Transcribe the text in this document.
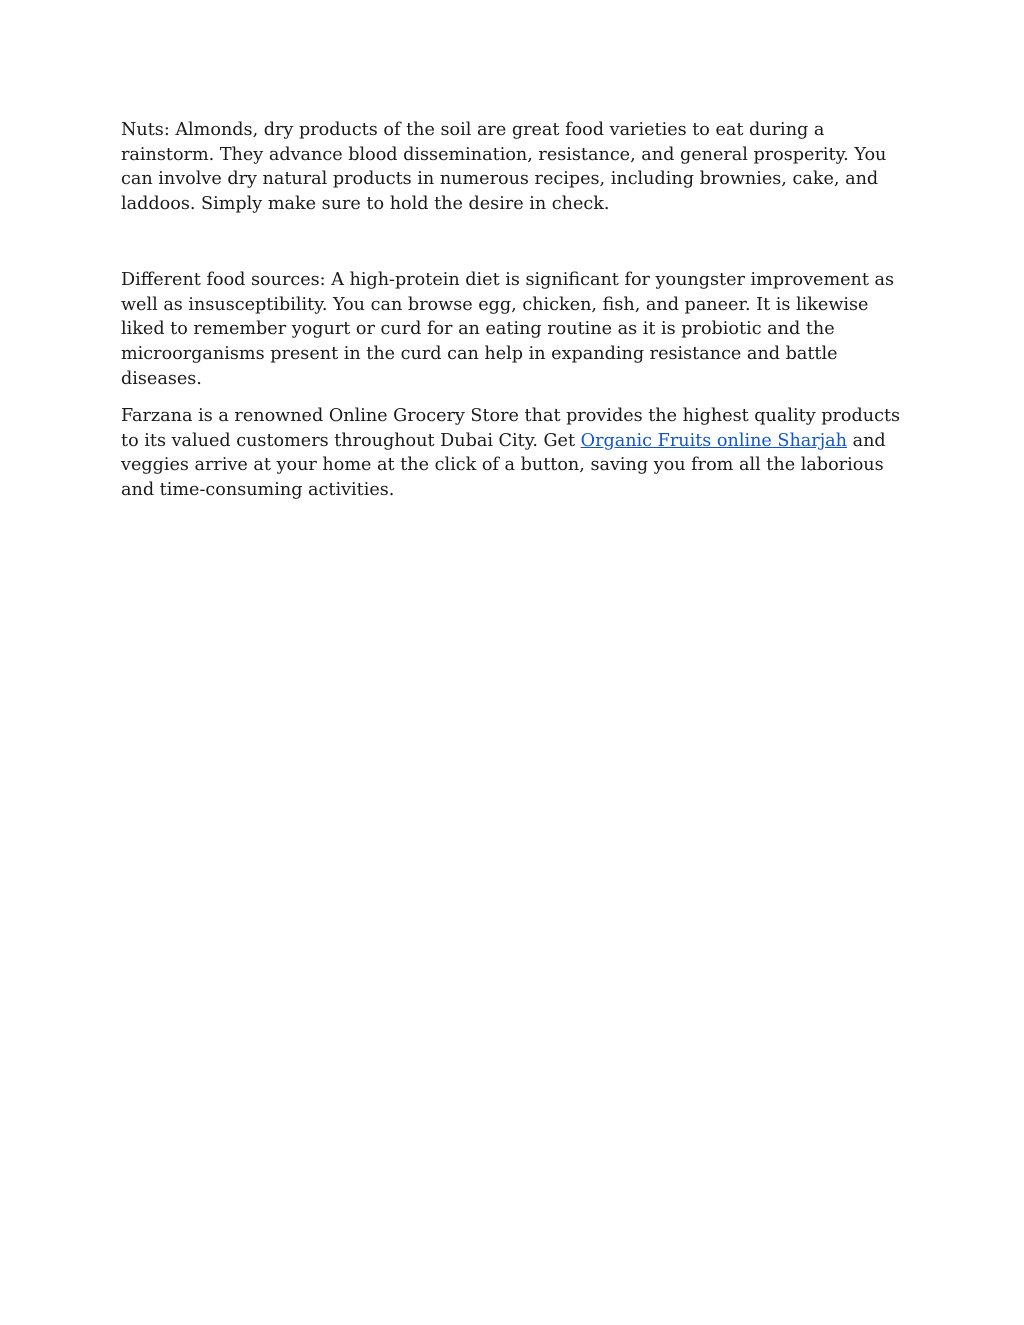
Nuts: Almonds, dry products of the soil are great food varieties to eat during a
rainstorm. They advance blood dissemination, resistance, and general prosperity. You
can involve dry natural products in numerous recipes, including brownies, cake, and
laddoos. Simply make sure to hold the desire in check.

Different food sources: A high-protein diet is significant for youngster improvement as
well as insusceptibility. You can browse egg, chicken, fish, and paneer. It is likewise
liked to remember yogurt or curd for an eating routine as it is probiotic and the
microorganisms present in the curd can help in expanding resistance and battle
diseases.

Farzana is a renowned Online Grocery Store that provides the highest quality products
to its valued customers throughout Dubai City. Get Organic Fruits online Sharjah and
veggies arrive at your home at the click of a button, saving you from all the laborious
and time-consuming activities.
